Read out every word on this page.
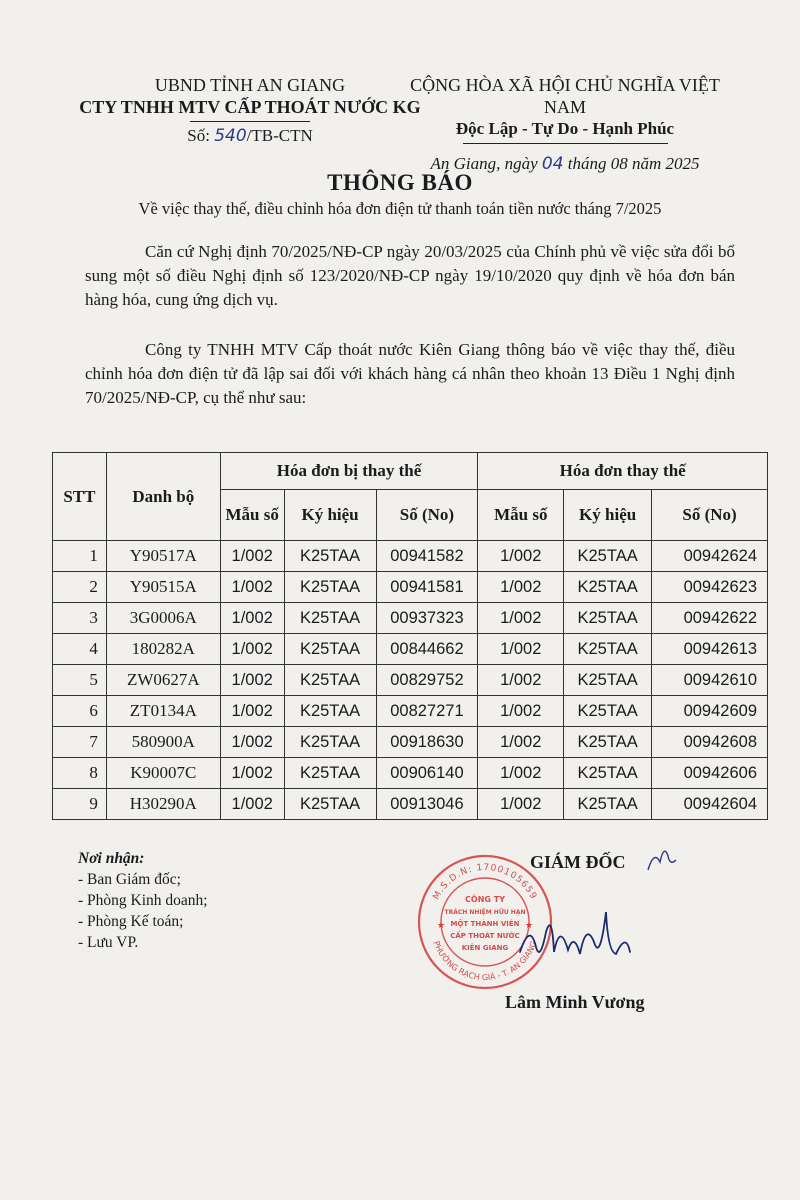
UBND TỈNH AN GIANG
CTY TNHH MTV CẤP THOÁT NƯỚC KG
Số: 540/TB-CTN
CỘNG HÒA XÃ HỘI CHỦ NGHĨA VIỆT NAM
Độc Lập - Tự Do - Hạnh Phúc
An Giang, ngày 04 tháng 08 năm 2025
THÔNG BÁO
Về việc thay thế, điều chỉnh hóa đơn điện tử thanh toán tiền nước tháng 7/2025
Căn cứ Nghị định 70/2025/NĐ-CP ngày 20/03/2025 của Chính phủ về việc sửa đổi bổ sung một số điều Nghị định số 123/2020/NĐ-CP ngày 19/10/2020 quy định về hóa đơn bán hàng hóa, cung ứng dịch vụ.
Công ty TNHH MTV Cấp thoát nước Kiên Giang thông báo về việc thay thế, điều chỉnh hóa đơn điện tử đã lập sai đối với khách hàng cá nhân theo khoản 13 Điều 1 Nghị định 70/2025/NĐ-CP, cụ thể như sau:
STT	Danh bộ	Hóa đơn bị thay thế			Hóa đơn thay thế		
		Mẫu số	Ký hiệu	Số (No)	Mẫu số	Ký hiệu	Số (No)
1	Y90517A	1/002	K25TAA	00941582	1/002	K25TAA	00942624
2	Y90515A	1/002	K25TAA	00941581	1/002	K25TAA	00942623
3	3G0006A	1/002	K25TAA	00937323	1/002	K25TAA	00942622
4	180282A	1/002	K25TAA	00844662	1/002	K25TAA	00942613
5	ZW0627A	1/002	K25TAA	00829752	1/002	K25TAA	00942610
6	ZT0134A	1/002	K25TAA	00827271	1/002	K25TAA	00942609
7	580900A	1/002	K25TAA	00918630	1/002	K25TAA	00942608
8	K90007C	1/002	K25TAA	00906140	1/002	K25TAA	00942606
9	H30290A	1/002	K25TAA	00913046	1/002	K25TAA	00942604
Nơi nhận:
- Ban Giám đốc;
- Phòng Kinh doanh;
- Phòng Kế toán;
- Lưu VP.
GIÁM ĐỐC
M.S.D.N: 1700105659
PHƯỜNG RẠCH GIÁ - T. AN GIANG
CÔNG TY
TRÁCH NHIỆM HỮU HẠN
MỘT THÀNH VIÊN
CẤP THOÁT NƯỚC
KIÊN GIANG
★	★
Lâm Minh Vương
